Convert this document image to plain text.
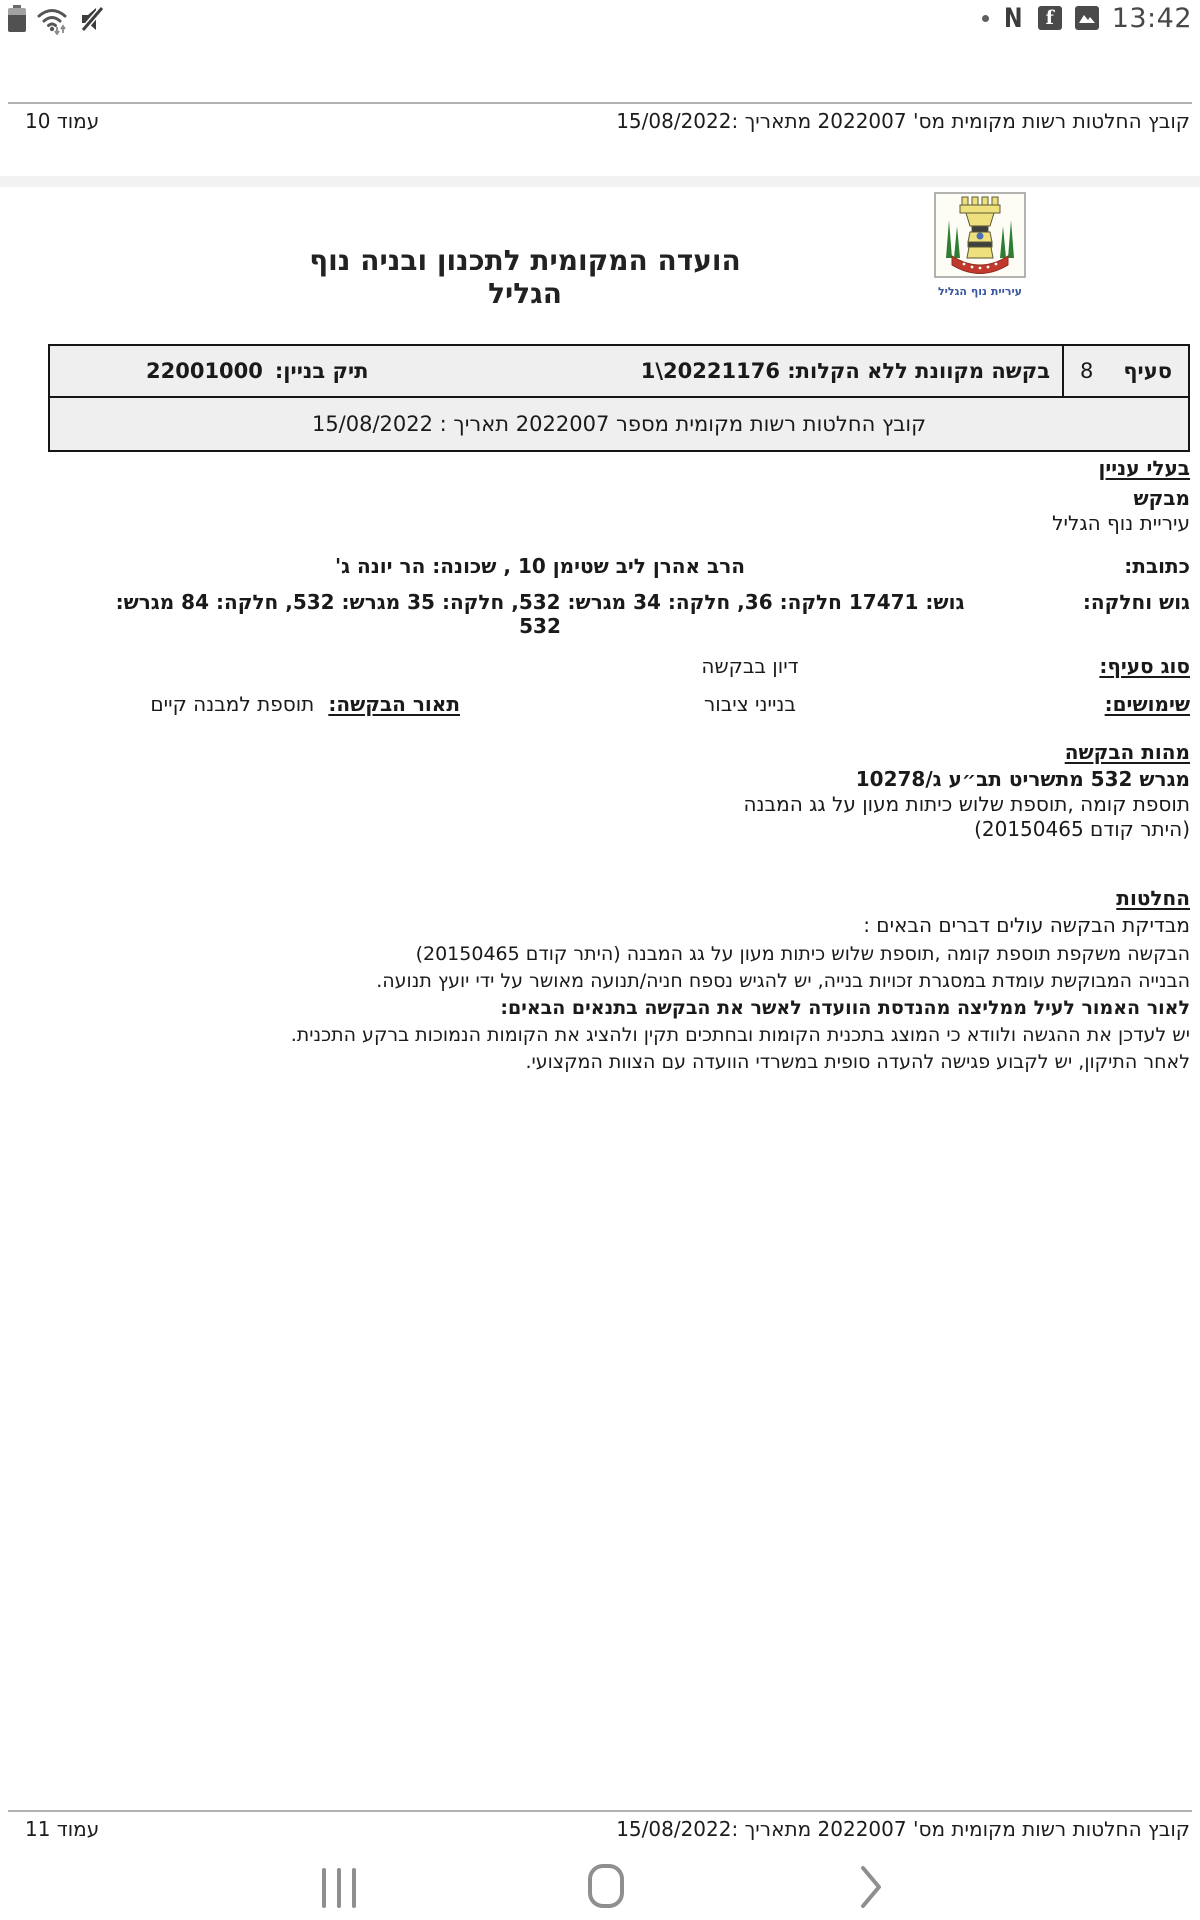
N f 13:42
עמוד 10	קובץ החלטות רשות מקומית מס' 2022007 מתאריך :15/08/2022
עיריית נוף הגליל
הועדה המקומית לתכנון ובניה נוף הגליל
סעיף
8
בקשה מקוונת ללא הקלות: 20221176\1
תיק בניין:
22001000
קובץ החלטות רשות מקומית מספר 2022007 תאריך : 15/08/2022
בעלי עניין
מבקש
עיריית נוף הגליל
כתובת:
הרב אהרן ליב שטימן 10 , שכונה: הר יונה ג'
גוש וחלקה:
גוש: 17471 חלקה: 36, חלקה: 34 מגרש: 532, חלקה: 35 מגרש: 532, חלקה: 84 מגרש:
532
סוג סעיף:
דיון בבקשה
שימושים:
בנייני ציבור
תאור הבקשה:
תוספת למבנה קיים
מהות הבקשה
מגרש 532 מתשריט תב״ע ג/10278
תוספת קומה ,תוספת שלוש כיתות מעון על גג המבנה
(היתר קודם 20150465)
החלטות
מבדיקת הבקשה עולים דברים הבאים :
הבקשה משקפת תוספת קומה ,תוספת שלוש כיתות מעון על גג המבנה (היתר קודם 20150465)
הבנייה המבוקשת עומדת במסגרת זכויות בנייה, יש להגיש נספח חניה/תנועה מאושר על ידי יועץ תנועה.
לאור האמור לעיל ממליצה מהנדסת הוועדה לאשר את הבקשה בתנאים הבאים:
יש לעדכן את ההגשה ולוודא כי המוצג בתכנית הקומות ובחתכים תקין ולהציג את הקומות הנמוכות ברקע התכנית.
לאחר התיקון, יש לקבוע פגישה להעדה סופית במשרדי הוועדה עם הצוות המקצועי.
עמוד 11	קובץ החלטות רשות מקומית מס' 2022007 מתאריך :15/08/2022
